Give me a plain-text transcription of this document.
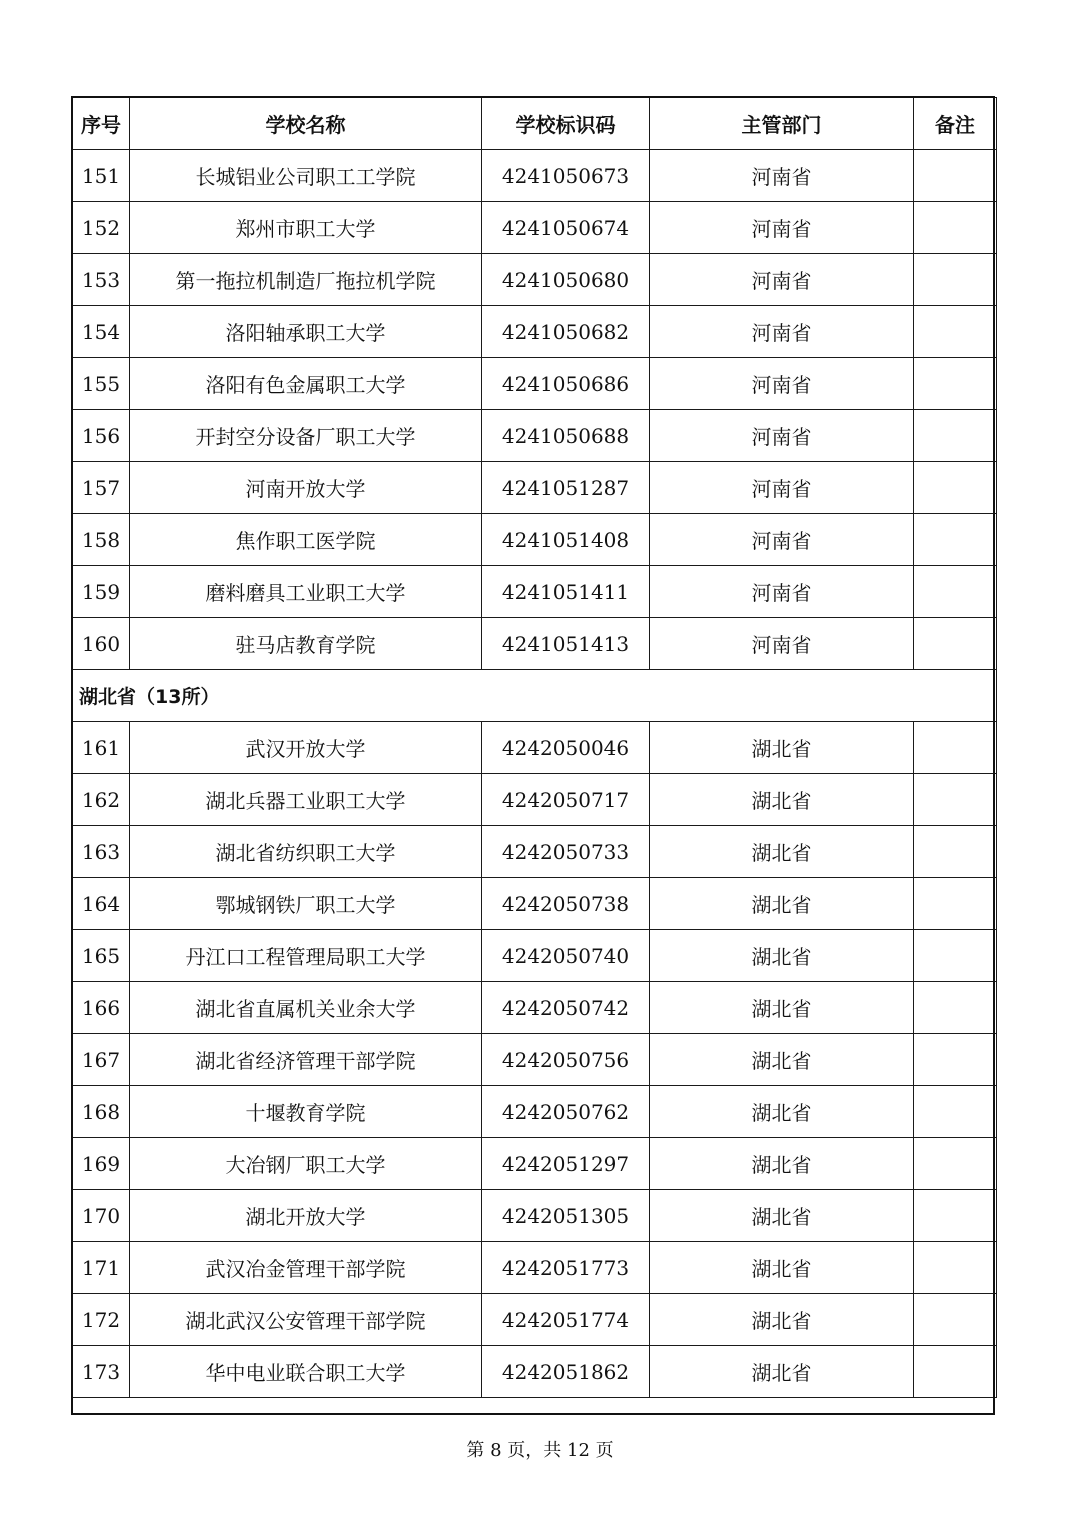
序号	学校名称	学校标识码	主管部门	备注
151	长城铝业公司职工工学院	4241050673	河南省	
152	郑州市职工大学	4241050674	河南省	
153	第一拖拉机制造厂拖拉机学院	4241050680	河南省	
154	洛阳轴承职工大学	4241050682	河南省	
155	洛阳有色金属职工大学	4241050686	河南省	
156	开封空分设备厂职工大学	4241050688	河南省	
157	河南开放大学	4241051287	河南省	
158	焦作职工医学院	4241051408	河南省	
159	磨料磨具工业职工大学	4241051411	河南省	
160	驻马店教育学院	4241051413	河南省	
湖北省（13所）				
161	武汉开放大学	4242050046	湖北省	
162	湖北兵器工业职工大学	4242050717	湖北省	
163	湖北省纺织职工大学	4242050733	湖北省	
164	鄂城钢铁厂职工大学	4242050738	湖北省	
165	丹江口工程管理局职工大学	4242050740	湖北省	
166	湖北省直属机关业余大学	4242050742	湖北省	
167	湖北省经济管理干部学院	4242050756	湖北省	
168	十堰教育学院	4242050762	湖北省	
169	大冶钢厂职工大学	4242051297	湖北省	
170	湖北开放大学	4242051305	湖北省	
171	武汉冶金管理干部学院	4242051773	湖北省	
172	湖北武汉公安管理干部学院	4242051774	湖北省	
173	华中电业联合职工大学	4242051862	湖北省	
第 8 页，共 12 页
